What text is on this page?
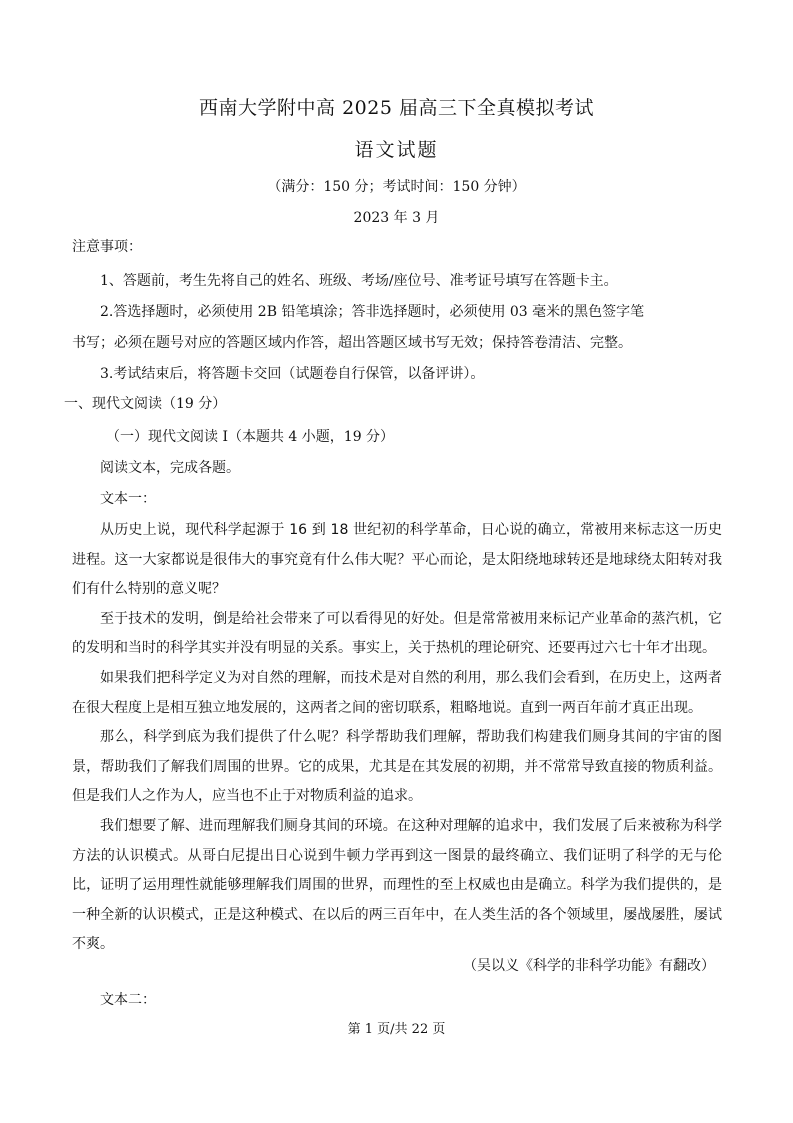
西南大学附中高 2025 届高三下全真模拟考试
语文试题
（满分：150 分；考试时间：150 分钟）
2023 年 3 月
注意事项：

1、答题前，考生先将自己的姓名、班级、考场/座位号、准考证号填写在答题卡主。

2.答选择题时，必须使用 2B 铅笔填涂；答非选择题时，必须使用 03 毫米的黑色签字笔

书写；必须在题号对应的答题区域内作答，超出答题区域书写无效；保持答卷清洁、完整。

3.考试结束后，将答题卡交回（试题卷自行保管，以备评讲）。

一、现代文阅读（19 分）
（一）现代文阅读 I（本题共 4 小题，19 分）
阅读文本，完成各题。
文本一：

从历史上说，现代科学起源于 16 到 18 世纪初的科学革命，日心说的确立，常被用来标志这一历史进程。这一大家都说是很伟大的事究竟有什么伟大呢？平心而论，是太阳绕地球转还是地球绕太阳转对我们有什么特别的意义呢？

至于技术的发明，倒是给社会带来了可以看得见的好处。但是常常被用来标记产业革命的蒸汽机，它的发明和当时的科学其实并没有明显的关系。事实上，关于热机的理论研究、还要再过六七十年才出现。

如果我们把科学定义为对自然的理解，而技术是对自然的利用，那么我们会看到，在历史上，这两者在很大程度上是相互独立地发展的，这两者之间的密切联系，粗略地说。直到一两百年前才真正出现。

那么，科学到底为我们提供了什么呢？科学帮助我们理解，帮助我们构建我们厕身其间的宇宙的图景，帮助我们了解我们周围的世界。它的成果，尤其是在其发展的初期，并不常常导致直接的物质利益。但是我们人之作为人，应当也不止于对物质利益的追求。

我们想要了解、进而理解我们厕身其间的环境。在这种对理解的追求中，我们发展了后来被称为科学方法的认识模式。从哥白尼提出日心说到牛顿力学再到这一图景的最终确立、我们证明了科学的无与伦比，证明了运用理性就能够理解我们周围的世界，而理性的至上权威也由是确立。科学为我们提供的，是一种全新的认识模式，正是这种模式、在以后的两三百年中，在人类生活的各个领域里，屡战屡胜，屡试不爽。

（吴以义《科学的非科学功能》有翻改）
文本二：
第 1 页/共 22 页
